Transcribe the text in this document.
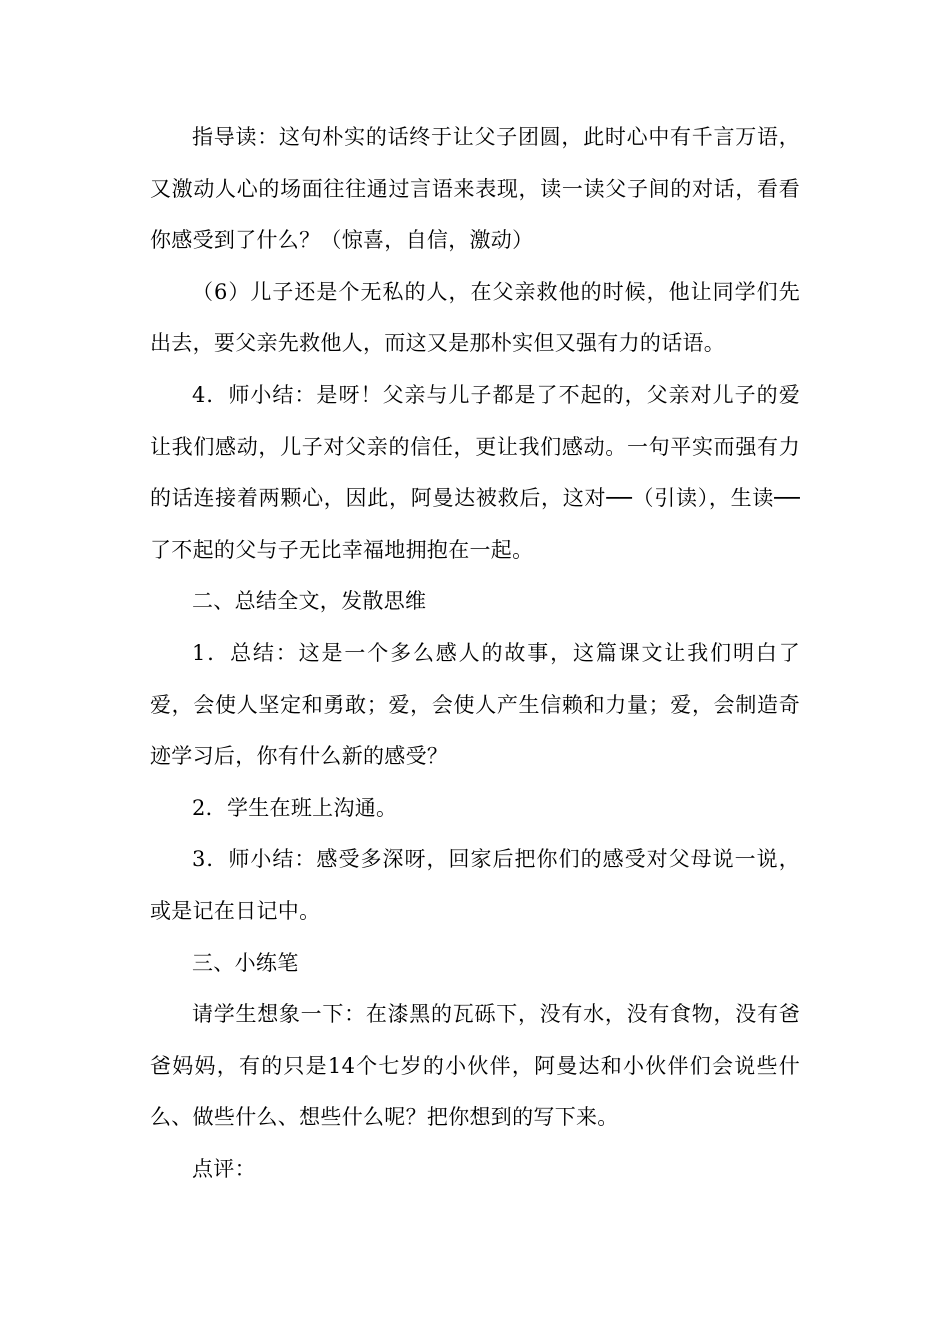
指导读：这句朴实的话终于让父子团圆，此时心中有千言万语，又激动人心的场面往往通过言语来表现，读一读父子间的对话，看看你感受到了什么？（惊喜，自信，激动）

（6）儿子还是个无私的人，在父亲救他的时候，他让同学们先出去，要父亲先救他人，而这又是那朴实但又强有力的话语。

4．师小结：是呀！父亲与儿子都是了不起的，父亲对儿子的爱让我们感动，儿子对父亲的信任，更让我们感动。一句平实而强有力的话连接着两颗心，因此，阿曼达被救后，这对──（引读），生读──了不起的父与子无比幸福地拥抱在一起。

二、总结全文，发散思维

1．总结：这是一个多么感人的故事，这篇课文让我们明白了爱，会使人坚定和勇敢；爱，会使人产生信赖和力量；爱，会制造奇迹学习后，你有什么新的感受？

2．学生在班上沟通。

3．师小结：感受多深呀，回家后把你们的感受对父母说一说，或是记在日记中。

三、小练笔

请学生想象一下：在漆黑的瓦砾下，没有水，没有食物，没有爸爸妈妈，有的只是14个七岁的小伙伴，阿曼达和小伙伴们会说些什么、做些什么、想些什么呢？把你想到的写下来。

点评：
